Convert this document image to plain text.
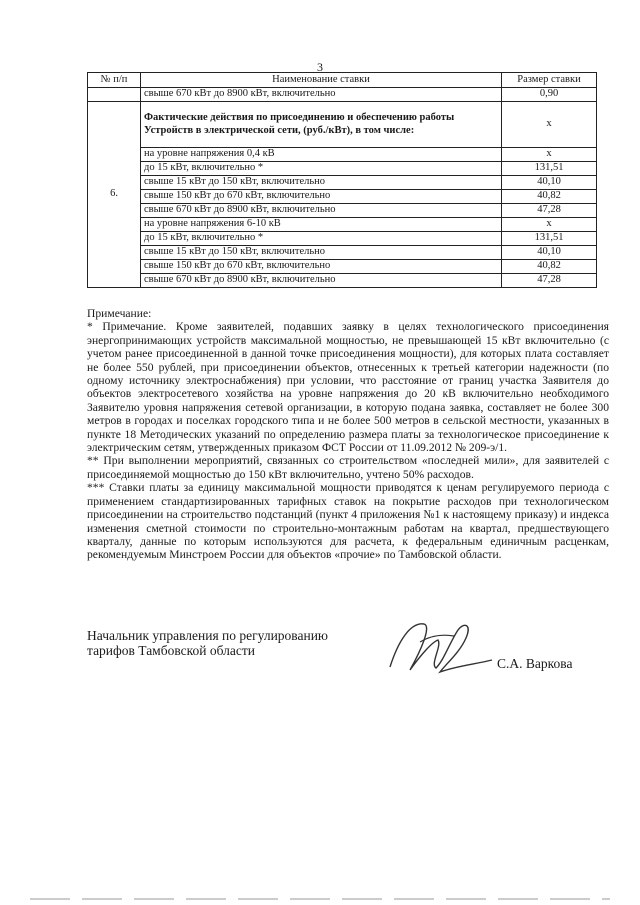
3
№ п/п	Наименование ставки	Размер ставки
	свыше 670 кВт до 8900 кВт, включительно	0,90
6.	Фактические действия по присоединению и обеспечению работы Устройств в электрической сети, (руб./кВт), в том числе:	x
	на уровне напряжения 0,4 кВ	x
	до 15 кВт, включительно *	131,51
	свыше 15 кВт до 150 кВт, включительно	40,10
	свыше 150 кВт до 670 кВт, включительно	40,82
	свыше 670 кВт до 8900 кВт, включительно	47,28
	на уровне напряжения 6-10 кВ	x
	до 15 кВт, включительно *	131,51
	свыше 15 кВт до 150 кВт, включительно	40,10
	свыше 150 кВт до 670 кВт, включительно	40,82
	свыше 670 кВт до 8900 кВт, включительно	47,28

Примечание:

* Примечание. Кроме заявителей, подавших заявку в целях технологического присоединения энергопринимающих устройств максимальной мощностью, не превышающей 15 кВт включительно (с учетом ранее присоединенной в данной точке присоединения мощности), для которых плата составляет не более 550 рублей, при присоединении объектов, отнесенных к третьей категории надежности (по одному источнику электроснабжения) при условии, что расстояние от границ участка Заявителя до объектов электросетевого хозяйства на уровне напряжения до 20 кВ включительно необходимого Заявителю уровня напряжения сетевой организации, в которую подана заявка, составляет не более 300 метров в городах и поселках городского типа и не более 500 метров в сельской местности, указанных в пункте 18 Методических указаний по определению размера платы за технологическое присоединение к электрическим сетям, утвержденных приказом ФСТ России от 11.09.2012 № 209-э/1.

** При выполнении мероприятий, связанных со строительством «последней мили», для заявителей с присоединяемой мощностью до 150 кВт включительно, учтено 50% расходов.

*** Ставки платы за единицу максимальной мощности приводятся к ценам регулируемого периода с применением стандартизированных тарифных ставок на покрытие расходов при технологическом присоединении на строительство подстанций (пункт 4 приложения №1 к настоящему приказу) и индекса изменения сметной стоимости по строительно-монтажным работам на квартал, предшествующего кварталу, данные по которым используются для расчета, к федеральным единичным расценкам, рекомендуемым Минстроем России для объектов «прочие» по Тамбовской области.

Начальник управления по регулированию
тарифов Тамбовской области
С.А. Варкова
